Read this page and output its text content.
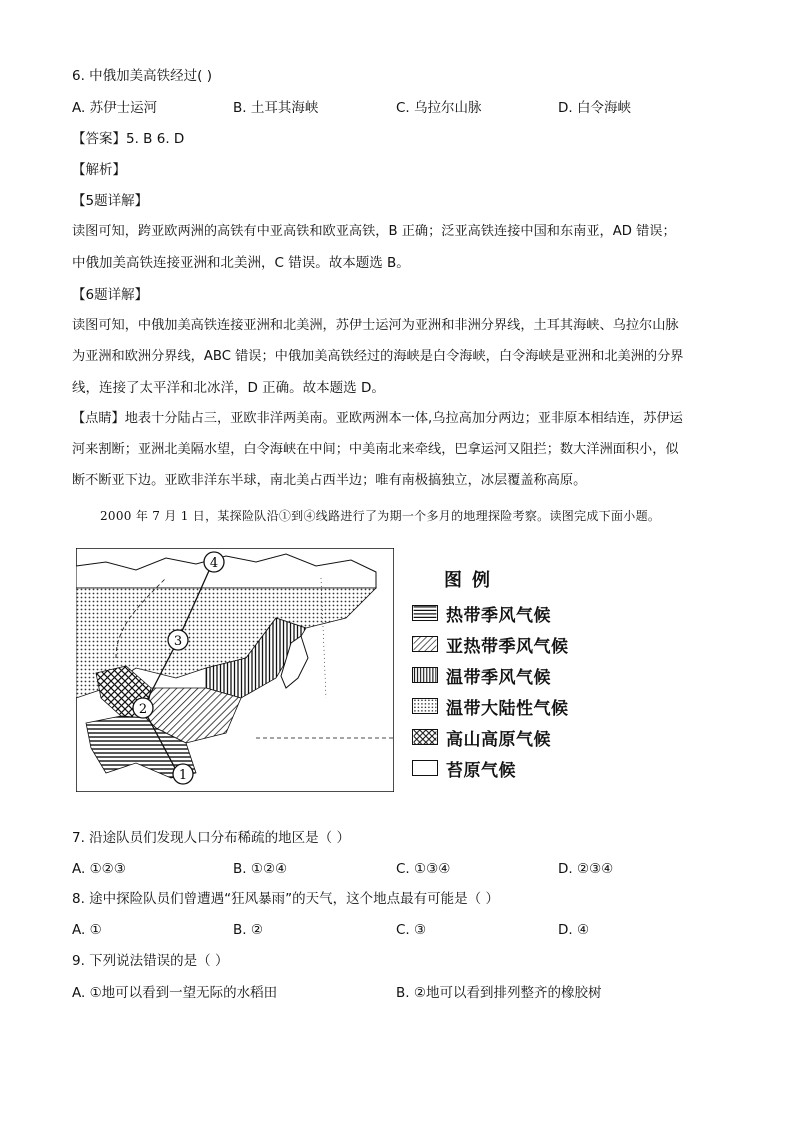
6. 中俄加美高铁经过( )
A. 苏伊士运河	B. 土耳其海峡	C. 乌拉尔山脉	D. 白令海峡
【答案】5. B 6. D
【解析】
【5题详解】
读图可知，跨亚欧两洲的高铁有中亚高铁和欧亚高铁，B 正确；泛亚高铁连接中国和东南亚，AD 错误；
中俄加美高铁连接亚洲和北美洲，C 错误。故本题选 B。
【6题详解】
读图可知，中俄加美高铁连接亚洲和北美洲，苏伊士运河为亚洲和非洲分界线，土耳其海峡、乌拉尔山脉
为亚洲和欧洲分界线，ABC 错误；中俄加美高铁经过的海峡是白令海峡，白令海峡是亚洲和北美洲的分界
线，连接了太平洋和北冰洋，D 正确。故本题选 D。
【点睛】地表十分陆占三，亚欧非洋两美南。亚欧两洲本一体,乌拉高加分两边；亚非原本相结连，苏伊运
河来割断；亚洲北美隔水望，白令海峡在中间；中美南北来牵线，巴拿运河又阻拦；数大洋洲面积小，似
断不断亚下边。亚欧非洋东半球，南北美占西半边；唯有南极搞独立，冰层覆盖称高原。
2000 年 7 月 1 日，某探险队沿①到④线路进行了为期一个多月的地理探险考察。读图完成下面小题。
1
2
3
4
图例
热带季风气候
亚热带季风气候
温带季风气候
温带大陆性气候
高山高原气候
苔原气候
7. 沿途队员们发现人口分布稀疏的地区是（ ）
A. ①②③	B. ①②④	C. ①③④	D. ②③④
8. 途中探险队员们曾遭遇“狂风暴雨”的天气，这个地点最有可能是（ ）
A. ①	B. ②	C. ③	D. ④
9. 下列说法错误的是（ ）
A. ①地可以看到一望无际的水稻田	B. ②地可以看到排列整齐的橡胶树
